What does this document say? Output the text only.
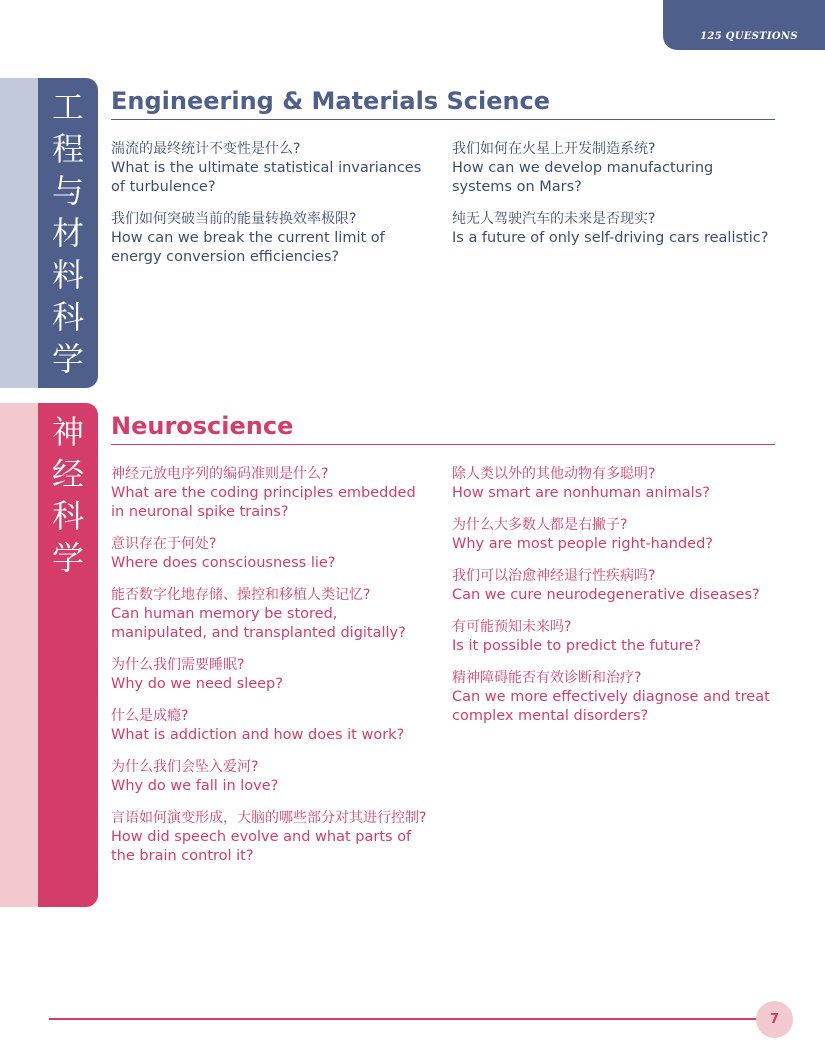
125 QUESTIONS
工
程
与
材
料
科
学
Engineering & Materials Science
湍流的最终统计不变性是什么?
What is the ultimate statistical invariances of turbulence?
我们如何突破当前的能量转换效率极限?
How can we break the current limit of energy conversion efficiencies?
我们如何在火星上开发制造系统?
How can we develop manufacturing systems on Mars?
纯无人驾驶汽车的未来是否现实?
Is a future of only self-driving cars realistic?
神
经
科
学
Neuroscience
神经元放电序列的编码准则是什么?
What are the coding principles embedded in neuronal spike trains?
意识存在于何处?
Where does consciousness lie?
能否数字化地存储、操控和移植人类记忆?
Can human memory be stored, manipulated, and transplanted digitally?
为什么我们需要睡眠?
Why do we need sleep?
什么是成瘾?
What is addiction and how does it work?
为什么我们会坠入爱河?
Why do we fall in love?
言语如何演变形成，大脑的哪些部分对其进行控制?
How did speech evolve and what parts of the brain control it?
除人类以外的其他动物有多聪明?
How smart are nonhuman animals?
为什么大多数人都是右撇子?
Why are most people right-handed?
我们可以治愈神经退行性疾病吗?
Can we cure neurodegenerative diseases?
有可能预知未来吗?
Is it possible to predict the future?
精神障碍能否有效诊断和治疗?
Can we more effectively diagnose and treat complex mental disorders?
7
